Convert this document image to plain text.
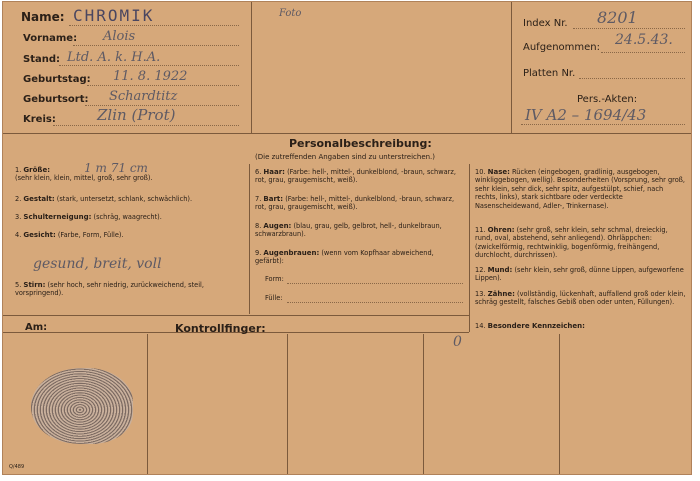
Name: CHROMIK
Vorname: Alois
Stand: Ltd. A. k. H.A.
Geburtstag: 11. 8. 1922
Geburtsort: Schardtitz
Kreis:	Zlin (Prot)
Foto
Index Nr. 8201
Aufgenommen: 24.5.43.
Platten Nr.
Pers.-Akten:
IV A2 – 1694/43
Personalbeschreibung:
(Die zutreffenden Angaben sind zu unterstreichen.)
1. Größe:	1 m 71 cm
(sehr klein, klein, mittel, groß, sehr groß).
2. Gestalt: (stark, untersetzt, schlank, schwächlich).
3. Schulterneigung: (schräg, waagrecht).
4. Gesicht: (Farbe, Form, Fülle).
gesund, breit, voll
5. Stirn: (sehr hoch, sehr niedrig, zurückweichend, steil, vorspringend).
6. Haar: (Farbe: hell-, mittel-, dunkelblond, -braun, schwarz, rot, grau, graugemischt, weiß).
7. Bart: (Farbe: hell-, mittel-, dunkelblond, -braun, schwarz, rot, grau, graugemischt, weiß).
8. Augen: (blau, grau, gelb, gelbrot, hell-, dunkelbraun, schwarzbraun).
9. Augenbrauen: (wenn vom Kopfhaar abweichend, gefärbt):
Form:
Fülle:
10. Nase: Rücken (eingebogen, gradlinig, ausgebogen, winkliggebogen, wellig). Besonderheiten (Vorsprung, sehr groß, sehr klein, sehr dick, sehr spitz, aufgestülpt, schief, nach rechts, links), stark sichtbare oder verdeckte Nasenscheidewand, Adler-, Trinkernase).
11. Ohren: (sehr groß, sehr klein, sehr schmal, dreieckig, rund, oval, abstehend, sehr anliegend). Ohrläppchen: (zwickelförmig, rechtwinklig, bogenförmig, freihängend, durchlocht, durchrissen).
12. Mund: (sehr klein, sehr groß, dünne Lippen, aufgeworfene Lippen).
13. Zähne: (vollständig, lückenhaft, auffallend groß oder klein, schräg gestellt, falsches Gebiß oben oder unten, Füllungen).
14. Besondere Kennzeichen:
Am:	Kontrollfinger:
0
Q/489
